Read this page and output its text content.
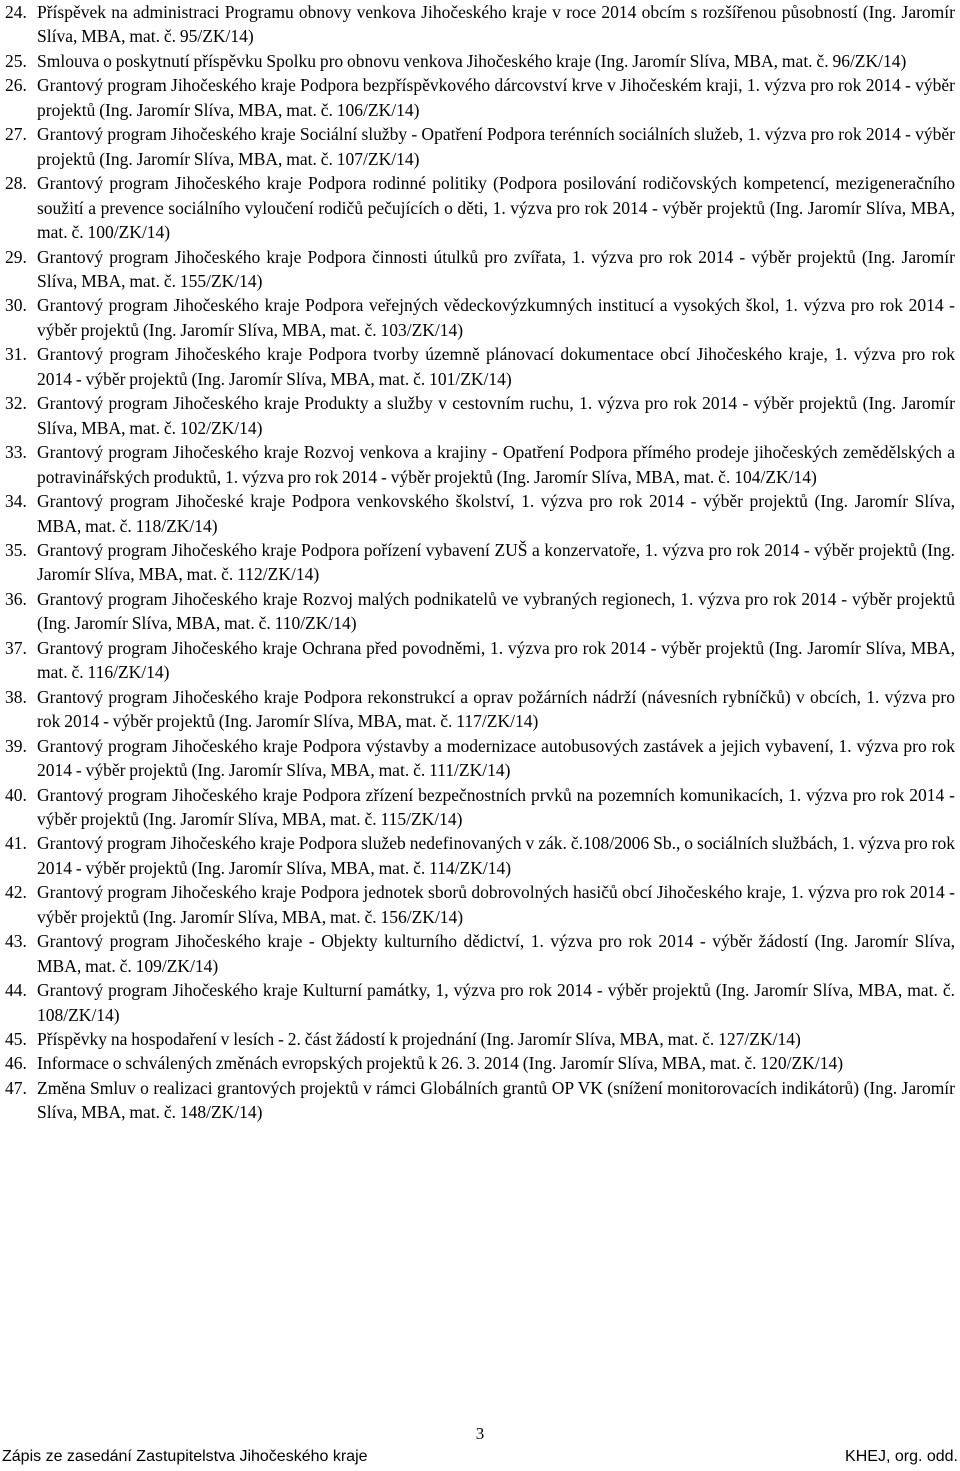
24. Příspěvek na administraci Programu obnovy venkova Jihočeského kraje v roce 2014 obcím s rozšířenou působností (Ing. Jaromír Slíva, MBA, mat. č. 95/ZK/14)
25. Smlouva o poskytnutí příspěvku Spolku pro obnovu venkova Jihočeského kraje (Ing. Jaromír Slíva, MBA, mat. č. 96/ZK/14)
26. Grantový program Jihočeského kraje Podpora bezpříspěvkového dárcovství krve v Jihočeském kraji, 1. výzva pro rok 2014 - výběr projektů (Ing. Jaromír Slíva, MBA, mat. č. 106/ZK/14)
27. Grantový program Jihočeského kraje Sociální služby - Opatření Podpora terénních sociálních služeb, 1. výzva pro rok 2014 - výběr projektů (Ing. Jaromír Slíva, MBA, mat. č. 107/ZK/14)
28. Grantový program Jihočeského kraje Podpora rodinné politiky (Podpora posilování rodičovských kompetencí, mezigeneračního soužití a prevence sociálního vyloučení rodičů pečujících o děti, 1. výzva pro rok 2014 - výběr projektů (Ing. Jaromír Slíva, MBA, mat. č. 100/ZK/14)
29. Grantový program Jihočeského kraje Podpora činnosti útulků pro zvířata, 1. výzva pro rok 2014 - výběr projektů (Ing. Jaromír Slíva, MBA, mat. č. 155/ZK/14)
30. Grantový program Jihočeského kraje Podpora veřejných vědeckovýzkumných institucí a vysokých škol, 1. výzva pro rok 2014 - výběr projektů (Ing. Jaromír Slíva, MBA, mat. č. 103/ZK/14)
31. Grantový program Jihočeského kraje Podpora tvorby územně plánovací dokumentace obcí Jihočeského kraje, 1. výzva pro rok 2014 - výběr projektů (Ing. Jaromír Slíva, MBA, mat. č. 101/ZK/14)
32. Grantový program Jihočeského kraje Produkty a služby v cestovním ruchu, 1. výzva pro rok 2014 - výběr projektů (Ing. Jaromír Slíva, MBA, mat. č. 102/ZK/14)
33. Grantový program Jihočeského kraje Rozvoj venkova a krajiny - Opatření Podpora přímého prodeje jihočeských zemědělských a potravinářských produktů, 1. výzva pro rok 2014 - výběr projektů (Ing. Jaromír Slíva, MBA, mat. č. 104/ZK/14)
34. Grantový program Jihočeské kraje Podpora venkovského školství, 1. výzva pro rok 2014 - výběr projektů (Ing. Jaromír Slíva, MBA, mat. č. 118/ZK/14)
35. Grantový program Jihočeského kraje Podpora pořízení vybavení ZUŠ a konzervatoře, 1. výzva pro rok 2014 - výběr projektů (Ing. Jaromír Slíva, MBA, mat. č. 112/ZK/14)
36. Grantový program Jihočeského kraje Rozvoj malých podnikatelů ve vybraných regionech, 1. výzva pro rok 2014 - výběr projektů (Ing. Jaromír Slíva, MBA, mat. č. 110/ZK/14)
37. Grantový program Jihočeského kraje Ochrana před povodněmi, 1. výzva pro rok 2014 - výběr projektů (Ing. Jaromír Slíva, MBA, mat. č. 116/ZK/14)
38. Grantový program Jihočeského kraje Podpora rekonstrukcí a oprav požárních nádrží (návesních rybníčků) v obcích, 1. výzva pro rok 2014 - výběr projektů (Ing. Jaromír Slíva, MBA, mat. č. 117/ZK/14)
39. Grantový program Jihočeského kraje Podpora výstavby a modernizace autobusových zastávek a jejich vybavení, 1. výzva pro rok 2014 - výběr projektů (Ing. Jaromír Slíva, MBA, mat. č. 111/ZK/14)
40. Grantový program Jihočeského kraje Podpora zřízení bezpečnostních prvků na pozemních komunikacích, 1. výzva pro rok 2014 - výběr projektů (Ing. Jaromír Slíva, MBA, mat. č. 115/ZK/14)
41. Grantový program Jihočeského kraje Podpora služeb nedefinovaných v zák. č.108/2006 Sb., o sociálních službách, 1. výzva pro rok 2014 - výběr projektů (Ing. Jaromír Slíva, MBA, mat. č. 114/ZK/14)
42. Grantový program Jihočeského kraje Podpora jednotek sborů dobrovolných hasičů obcí Jihočeského kraje, 1. výzva pro rok 2014 - výběr projektů (Ing. Jaromír Slíva, MBA, mat. č. 156/ZK/14)
43. Grantový program Jihočeského kraje - Objekty kulturního dědictví, 1. výzva pro rok 2014 - výběr žádostí (Ing. Jaromír Slíva, MBA, mat. č. 109/ZK/14)
44. Grantový program Jihočeského kraje Kulturní památky, 1, výzva pro rok 2014 - výběr projektů (Ing. Jaromír Slíva, MBA, mat. č. 108/ZK/14)
45. Příspěvky na hospodaření v lesích - 2. část žádostí k projednání (Ing. Jaromír Slíva, MBA, mat. č. 127/ZK/14)
46. Informace o schválených změnách evropských projektů k 26. 3. 2014 (Ing. Jaromír Slíva, MBA, mat. č. 120/ZK/14)
47. Změna Smluv o realizaci grantových projektů v rámci Globálních grantů OP VK (snížení monitorovacích indikátorů) (Ing. Jaromír Slíva, MBA, mat. č. 148/ZK/14)
3
Zápis ze zasedání Zastupitelstva Jihočeského kraje	KHEJ, org. odd.
